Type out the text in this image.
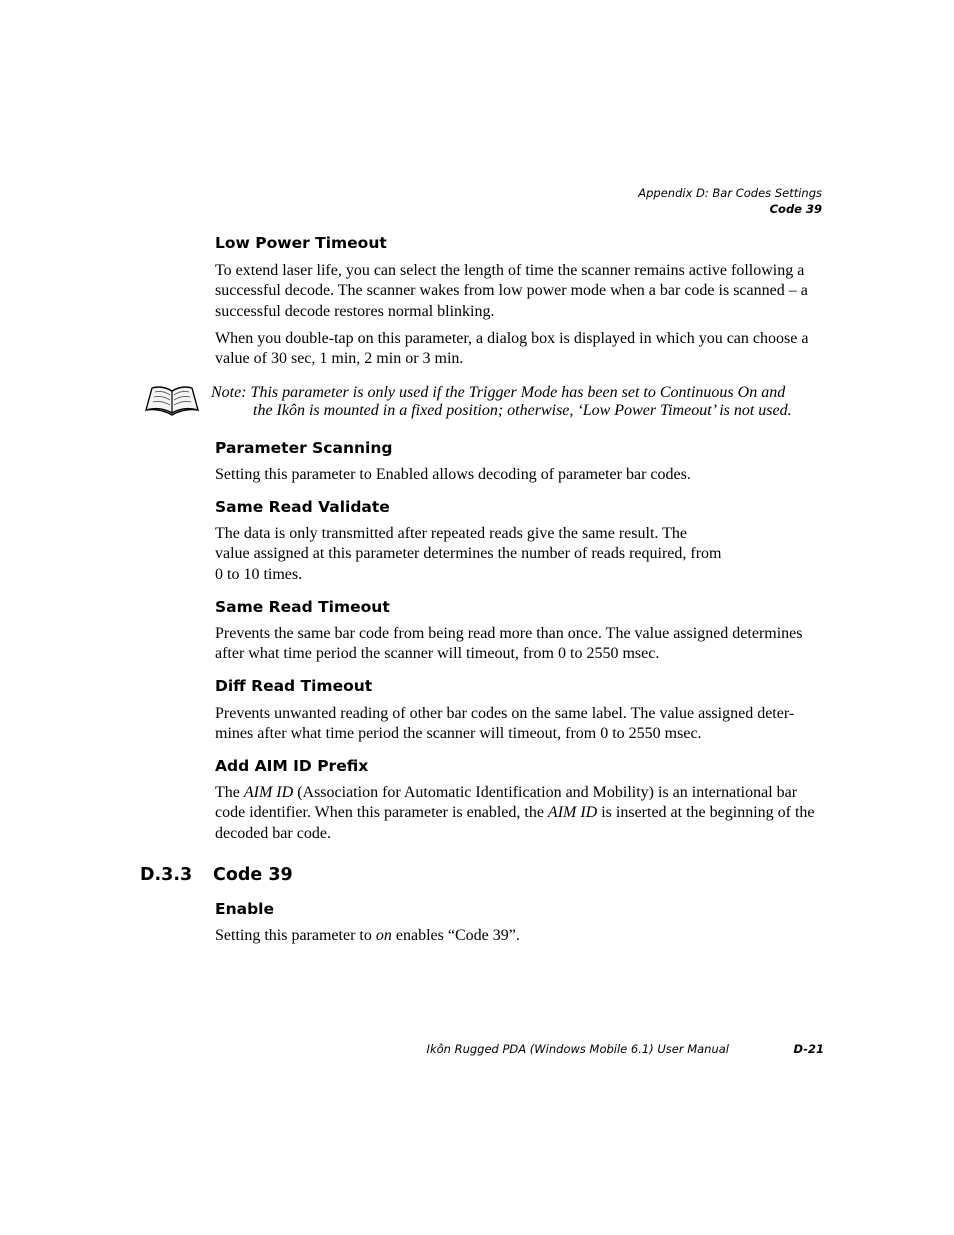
Appendix D: Bar Codes Settings
Code 39
Low Power Timeout

To extend laser life, you can select the length of time the scanner remains active following a successful decode. The scanner wakes from low power mode when a bar code is scanned – a successful decode restores normal blinking.

When you double-tap on this parameter, a dialog box is displayed in which you can choose a value of 30 sec, 1 min, 2 min or 3 min.

Note: This parameter is only used if the Trigger Mode has been set to Continuous On and
the Ikôn is mounted in a fixed position; otherwise, ‘Low Power Timeout’ is not used.
Parameter Scanning

Setting this parameter to Enabled allows decoding of parameter bar codes.

Same Read Validate

The data is only transmitted after repeated reads give the same result. The
value assigned at this parameter determines the number of reads required, from
0 to 10 times.

Same Read Timeout

Prevents the same bar code from being read more than once. The value assigned determines after what time period the scanner will timeout, from 0 to 2550 msec.

Diff Read Timeout

Prevents unwanted reading of other bar codes on the same label. The value assigned deter-
mines after what time period the scanner will timeout, from 0 to 2550 msec.

Add AIM ID Prefix

The AIM ID (Association for Automatic Identification and Mobility) is an international bar code identifier. When this parameter is enabled, the AIM ID is inserted at the beginning of the decoded bar code.

D.3.3 Code 39
Enable

Setting this parameter to on enables “Code 39”.

Ikôn Rugged PDA (Windows Mobile 6.1) User Manual	D-21
